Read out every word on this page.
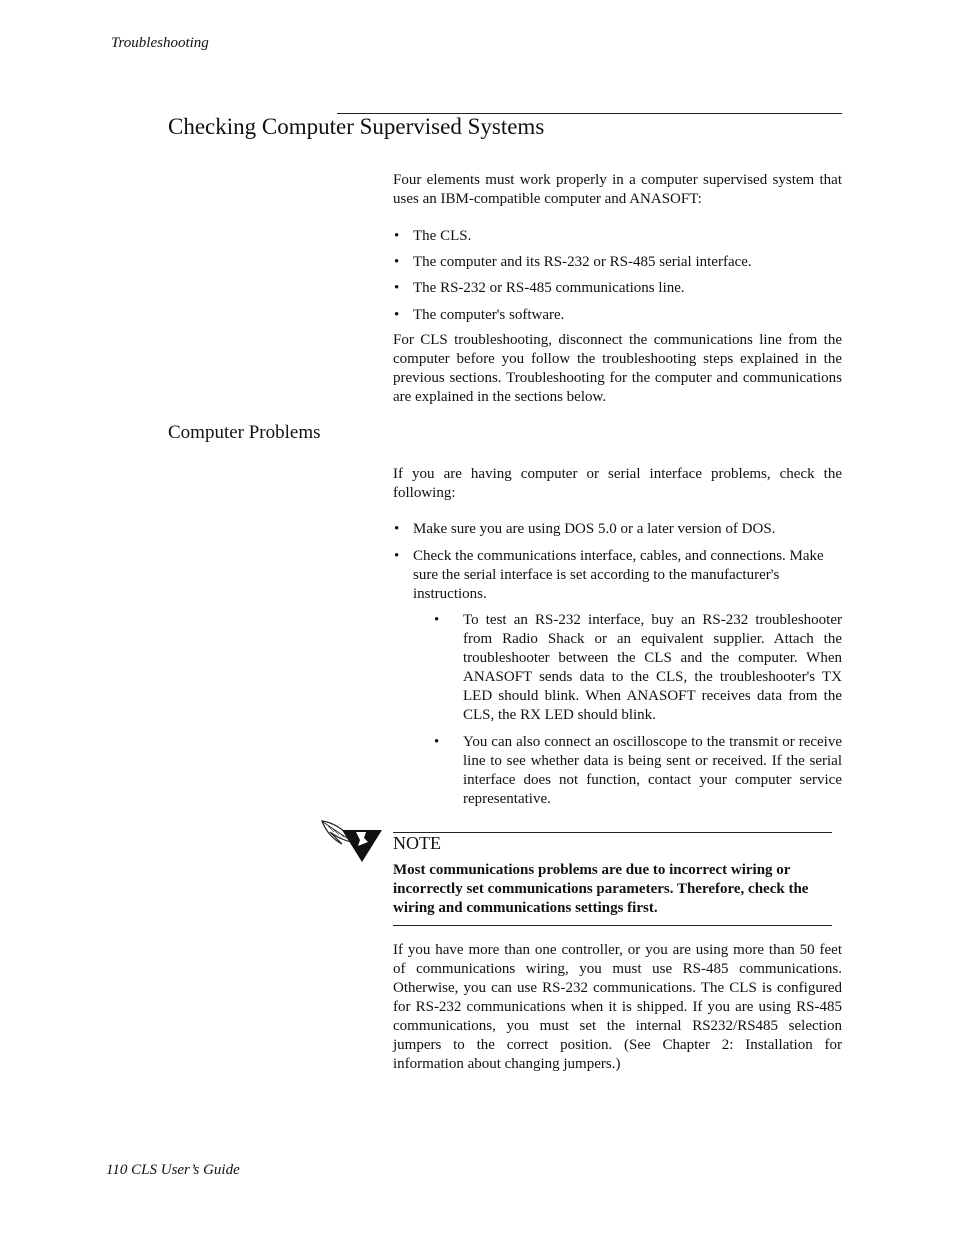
Troubleshooting
Checking Computer Supervised Systems

Four elements must work properly in a computer supervised system that uses an IBM-compatible computer and ANASOFT:

• The CLS.
• The computer and its RS-232 or RS-485 serial interface.
• The RS-232 or RS-485 communications line.
• The computer's software.

For CLS troubleshooting, disconnect the communications line from the computer before you follow the troubleshooting steps explained in the previous sections. Troubleshooting for the computer and communications are explained in the sections below.

Computer Problems

If you are having computer or serial interface problems, check the following:

• Make sure you are using DOS 5.0 or a later version of DOS.
• Check the communications interface, cables, and connections. Make sure the serial interface is set according to the manufacturer's instructions.
• To test an RS-232 interface, buy an RS-232 troubleshooter from Radio Shack or an equivalent supplier. Attach the troubleshooter between the CLS and the computer. When ANASOFT sends data to the CLS, the troubleshooter's TX LED should blink. When ANASOFT receives data from the CLS, the RX LED should blink.
• You can also connect an oscilloscope to the transmit or receive line to see whether data is being sent or received. If the serial interface does not function, contact your computer service representative.
NOTE
Most communications problems are due to incorrect wiring or incorrectly set communications parameters. Therefore, check the wiring and communications settings first.

If you have more than one controller, or you are using more than 50 feet of communications wiring, you must use RS-485 communications. Otherwise, you can use RS-232 communications. The CLS is configured for RS-232 communications when it is shipped. If you are using RS-485 communications, you must set the internal RS232/RS485 selection jumpers to the correct position. (See Chapter 2: Installation for information about changing jumpers.)

110 CLS User’s Guide
